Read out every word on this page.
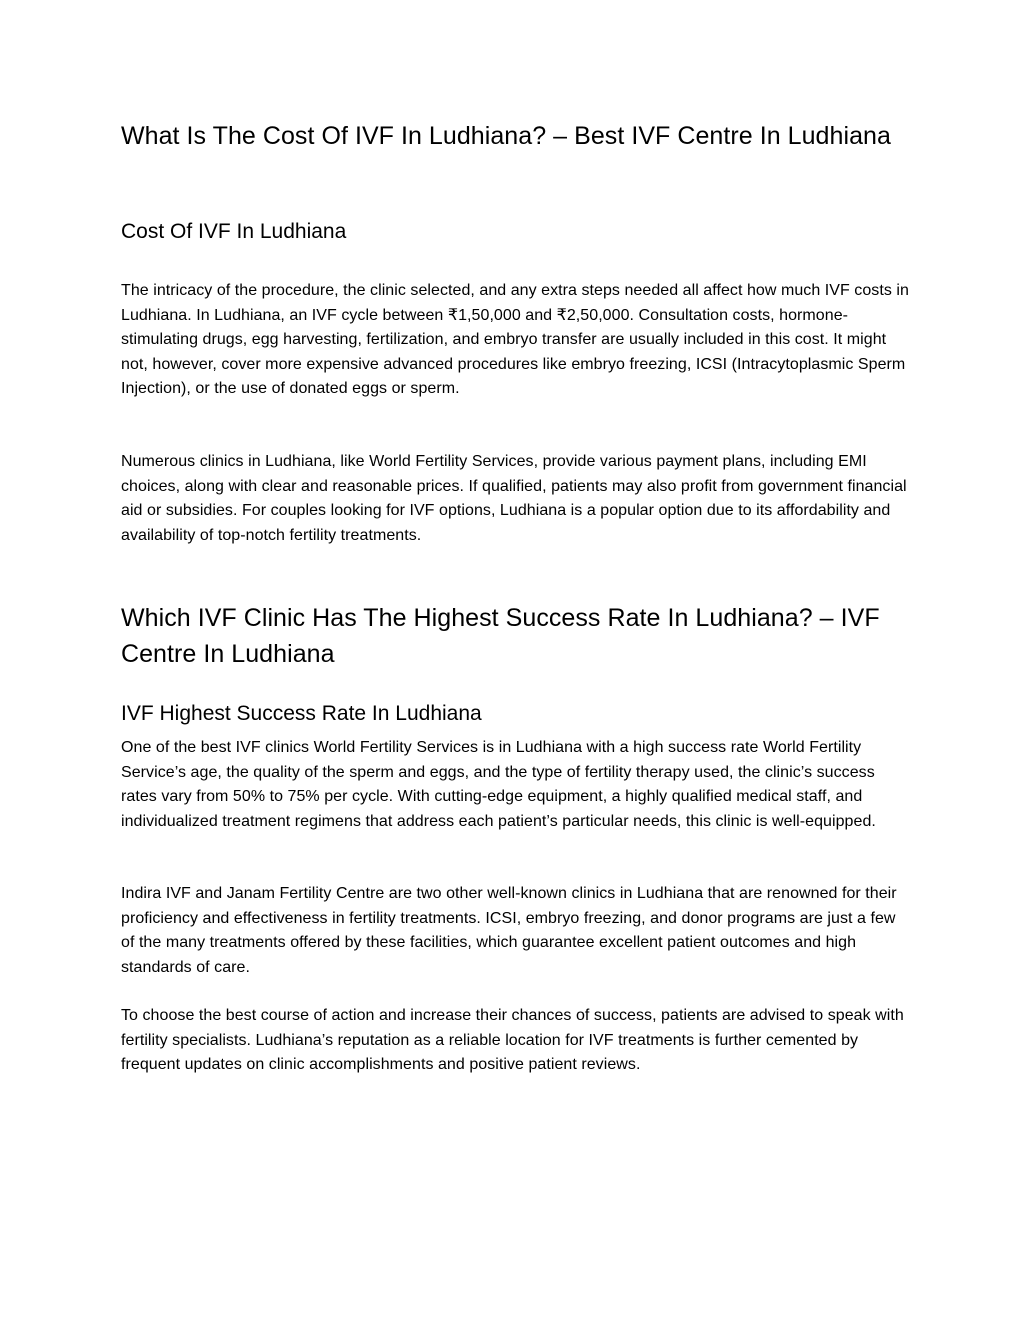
What Is The Cost Of IVF In Ludhiana? – Best IVF Centre In Ludhiana
Cost Of IVF In Ludhiana

The intricacy of the procedure, the clinic selected, and any extra steps needed all affect how much IVF costs in Ludhiana. In Ludhiana, an IVF cycle between ₹1,50,000 and ₹2,50,000. Consultation costs, hormone-stimulating drugs, egg harvesting, fertilization, and embryo transfer are usually included in this cost. It might not, however, cover more expensive advanced procedures like embryo freezing, ICSI (Intracytoplasmic Sperm Injection), or the use of donated eggs or sperm.

Numerous clinics in Ludhiana, like World Fertility Services, provide various payment plans, including EMI choices, along with clear and reasonable prices. If qualified, patients may also profit from government financial aid or subsidies. For couples looking for IVF options, Ludhiana is a popular option due to its affordability and availability of top-notch fertility treatments.

Which IVF Clinic Has The Highest Success Rate In Ludhiana? – IVF Centre In Ludhiana
IVF Highest Success Rate In Ludhiana

One of the best IVF clinics World Fertility Services is in Ludhiana with a high success rate World Fertility Service’s age, the quality of the sperm and eggs, and the type of fertility therapy used, the clinic’s success rates vary from 50% to 75% per cycle. With cutting-edge equipment, a highly qualified medical staff, and individualized treatment regimens that address each patient’s particular needs, this clinic is well-equipped.

Indira IVF and Janam Fertility Centre are two other well-known clinics in Ludhiana that are renowned for their proficiency and effectiveness in fertility treatments. ICSI, embryo freezing, and donor programs are just a few of the many treatments offered by these facilities, which guarantee excellent patient outcomes and high standards of care.

To choose the best course of action and increase their chances of success, patients are advised to speak with fertility specialists. Ludhiana’s reputation as a reliable location for IVF treatments is further cemented by frequent updates on clinic accomplishments and positive patient reviews.
